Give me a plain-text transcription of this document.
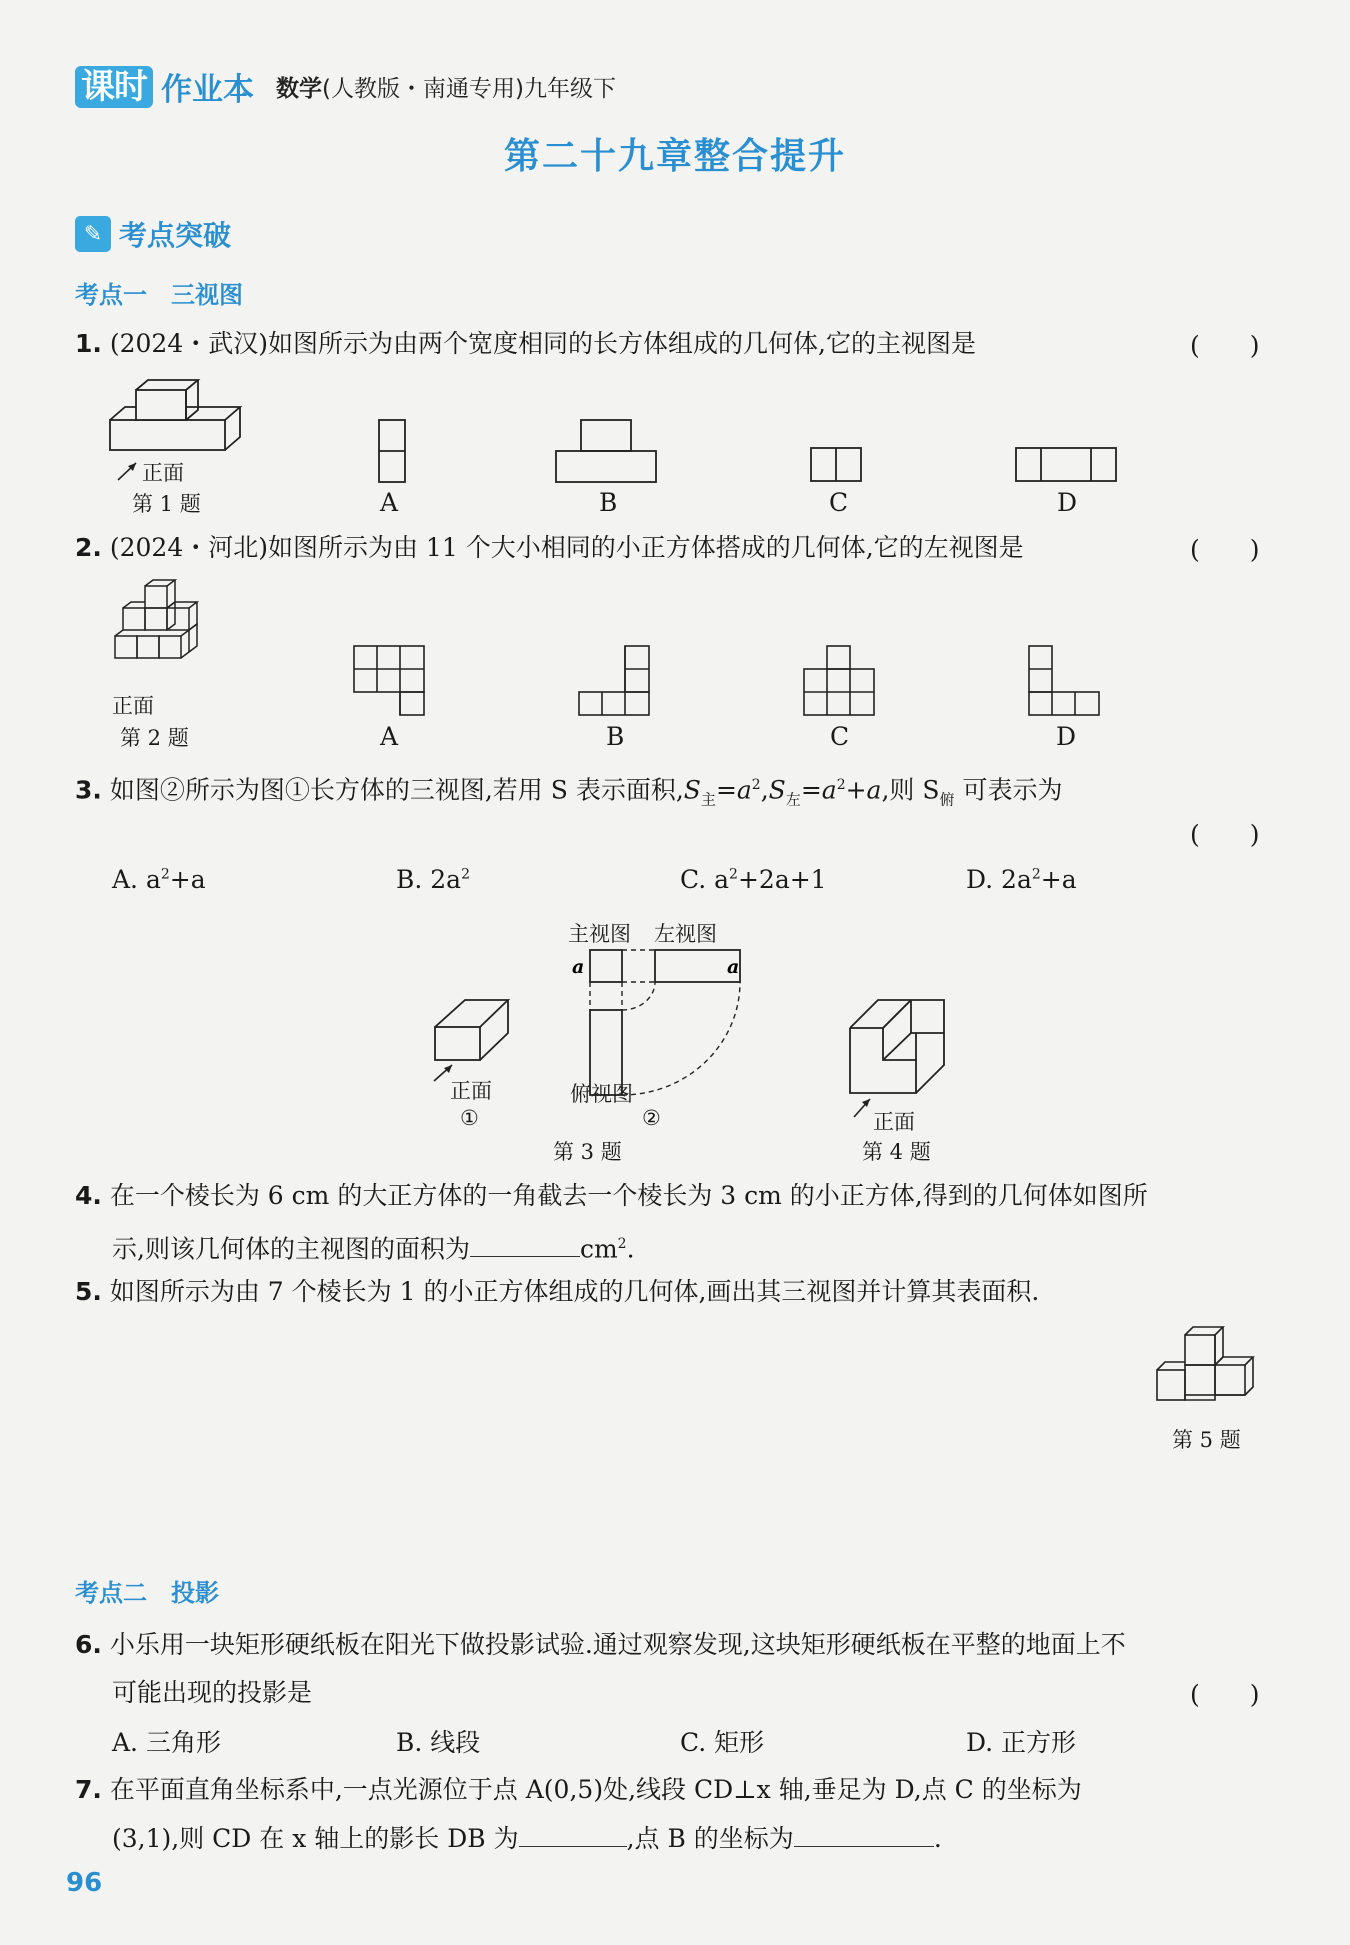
课时 作业本 数学(人教版・南通专用)九年级下
第二十九章整合提升
✎ 考点突破
考点一　三视图
1. (2024・武汉)如图所示为由两个宽度相同的长方体组成的几何体,它的主视图是	(　　)
正面
第 1 题	A	B	C	D
2. (2024・河北)如图所示为由 11 个大小相同的小正方体搭成的几何体,它的左视图是	(　　)
正面
第 2 题	A	B	C	D
3. 如图②所示为图①长方体的三视图,若用 S 表示面积$,S_主=a^2,S_左=a^2+a$,则 $S_俯$ 可表示为
(　　)
A. $a^2+a$	B. $2a^2$	C. $a^2+2a+1$	D. $2a^2+a$
正面
①
主视图 左视图
a	a
俯视图
②
第 3 题
正面
第 4 题
4. 在一个棱长为 6 cm 的大正方体的一角截去一个棱长为 3 cm 的小正方体,得到的几何体如图所
示,则该几何体的主视图的面积为	$cm^2$.
5. 如图所示为由 7 个棱长为 1 的小正方体组成的几何体,画出其三视图并计算其表面积.
第 5 题
考点二　投影
6. 小乐用一块矩形硬纸板在阳光下做投影试验.通过观察发现,这块矩形硬纸板在平整的地面上不
可能出现的投影是	(　　)
A. 三角形	B. 线段	C. 矩形	D. 正方形
7. 在平面直角坐标系中,一点光源位于点 A(0,5)处,线段 CD⊥x 轴,垂足为 D,点 C 的坐标为
(3,1),则 CD 在 x 轴上的影长 DB 为	,点 B 的坐标为	.
96
